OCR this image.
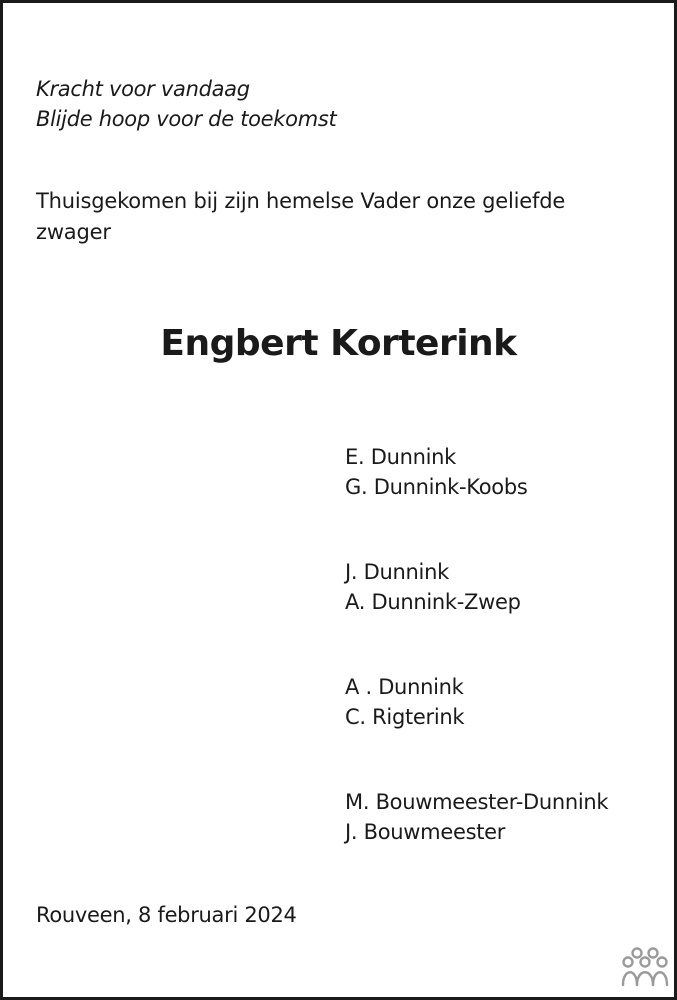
Kracht voor vandaag
Blijde hoop voor de toekomst
Thuisgekomen bij zijn hemelse Vader onze geliefde zwager
Engbert Korterink
E. Dunnink
G. Dunnink-Koobs
J. Dunnink
A. Dunnink-Zwep
A . Dunnink
C. Rigterink
M. Bouwmeester-Dunnink
J. Bouwmeester
Rouveen, 8 februari 2024
